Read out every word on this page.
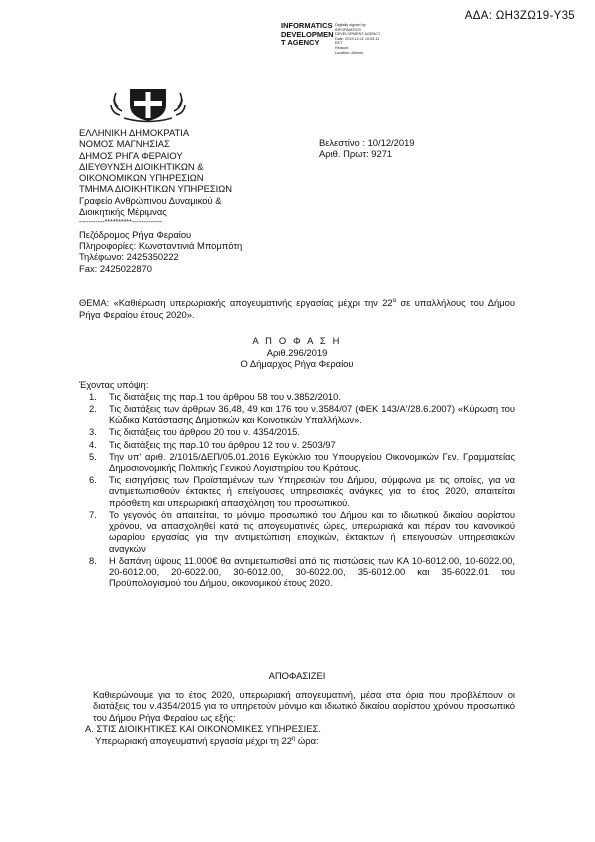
ΑΔΑ: ΩΗ3ΖΩ19-Υ35
INFORMATICS
DEVELOPMEN
T AGENCY
Digitally signed by
INFORMATICS
DEVELOPMENT AGENCY
Date: 2019.12.11 10:53:11
EET
Reason:
Location: Athens
ΕΛΛΗΝΙΚΗ ΔΗΜΟΚΡΑΤΙΑ
ΝΟΜΟΣ ΜΑΓΝΗΣΙΑΣ
ΔΗΜΟΣ ΡΗΓΑ ΦΕΡΑΙΟΥ
ΔΙΕΥΘΥΝΣΗ ΔΙΟΙΚΗΤΙΚΩΝ &
ΟΙΚΟΝΟΜΙΚΩΝ ΥΠΗΡΕΣΙΩΝ
ΤΜΗΜΑ ΔΙΟΙΚΗΤΙΚΩΝ ΥΠΗΡΕΣΙΩΝ
Γραφείο Ανθρώπινου Δυναμικού &
Διοικητικής Μέριμνας
-----------**********-------------
Πεζόδρομος Ρήγα Φεραίου
Πληροφορίες: Κωνσταντινιά Μπομπότη
Τηλέφωνο: 2425350222
Fax: 2425022870
Βελεστίνο : 10/12/2019
Αριθ. Πρωτ: 9271
ΘΕΜΑ: «Καθιέρωση υπερωριακής απογευματινής εργασίας μέχρι την $22^\alpha$ σε υπαλλήλους του Δήμου Ρήγα Φεραίου έτους 2020».
Α Π Ο Φ Α Σ Η
Αριθ.296/2019
Ο Δήμαρχος Ρήγα Φεραίου
Έχοντας υπόψη:
1. Τις διατάξεις της παρ.1 του άρθρου 58 του ν.3852/2010.
2. Τις διατάξεις των άρθρων 36,48, 49 και 176 του ν.3584/07 (ΦΕΚ 143/Α'/28.6.2007) «Κύρωση του Κώδικα Κατάστασης Δημοτικών και Κοινοτικών Υπαλλήλων».
3. Τις διατάξεις του άρθρου 20 του ν. 4354/2015.
4. Τις διατάξεις της παρ.10 του άρθρου 12 του ν. 2503/97
5. Την υπ' αριθ. 2/1015/ΔΕΠ/05.01.2016 Εγκύκλιο του Υπουργείου Οικονομικών Γεν. Γραμματείας Δημοσιονομικής Πολιτικής Γενικού Λογιστηρίου του Κράτους.
6. Τις εισηγήσεις των Προϊσταμένων των Υπηρεσιών του Δήμου, σύμφωνα με τις οποίες, για να αντιμετωπισθούν έκτακτες ή επείγουσες υπηρεσιακές ανάγκες για το έτος 2020, απαιτείται πρόσθετη και υπερωριακή απασχόληση του προσωπικού.
7. Το γεγονός ότι απαιτείται, το μόνιμο προσωπικό του Δήμου και το ιδιωτικού δικαίου αορίστου χρόνου, να απασχοληθεί κατά τις απογευματινές ώρες, υπερωριακά και πέραν του κανονικού ωραρίου εργασίας για την αντιμετώπιση εποχικών, έκτακτων ή επειγουσών υπηρεσιακών αναγκών
8. Η δαπάνη ύψους 11.000€ θα αντιμετωπισθεί από τις πιστώσεις των ΚΑ 10-6012.00, 10-6022.00, 20-6012.00, 20-6022.00, 30-6012.00, 30-6022.00, 35-6012.00 και 35-6022.01 του Προϋπολογισμού του Δήμου, οικονομικού έτους 2020.
ΑΠΟΦΑΣΙΖΕΙ
Καθιερώνουμε για το έτος 2020, υπερωριακή απογευματινή, μέσα στα όρια που προβλέπουν οι διατάξεις του ν.4354/2015 για το υπηρετούν μόνιμο και ιδιωτικό δικαίου αορίστου χρόνου προσωπικό του Δήμου Ρήγα Φεραίου ως εξής:
Α. ΣΤΙΣ ΔΙΟΙΚΗΤΙΚΕΣ ΚΑΙ ΟΙΚΟΝΟΜΙΚΕΣ ΥΠΗΡΕΣΙΕΣ.
Υπερωριακή απογευματινή εργασία μέχρι τη $22^\eta$ ώρα:
